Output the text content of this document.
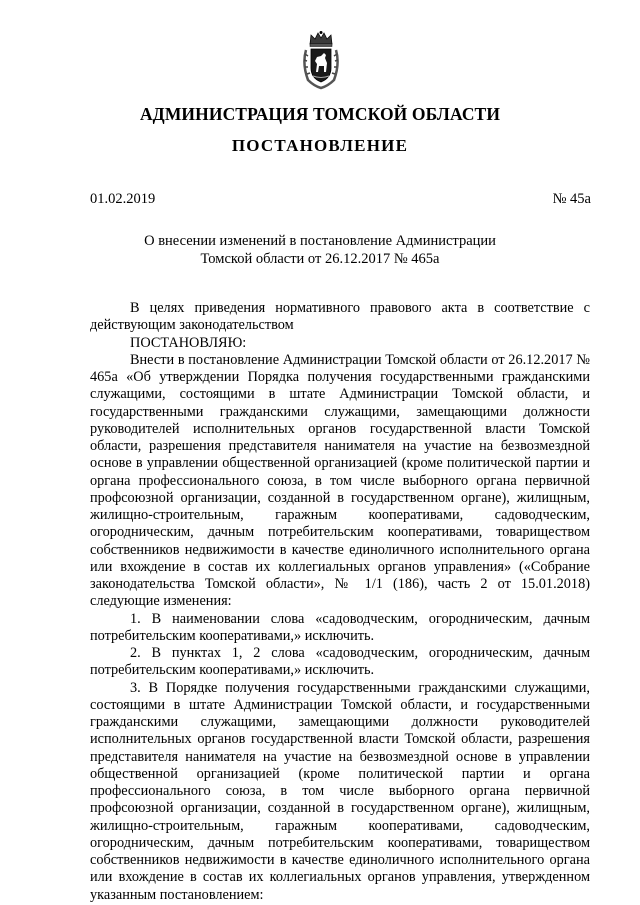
АДМИНИСТРАЦИЯ ТОМСКОЙ ОБЛАСТИ
ПОСТАНОВЛЕНИЕ
01.02.2019	№ 45а
О внесении изменений в постановление Администрации
Томской области от 26.12.2017 № 465а

В целях приведения нормативного правового акта в соответствие с действующим законодательством

ПОСТАНОВЛЯЮ:

Внести в постановление Администрации Томской области от 26.12.2017 № 465а «Об утверждении Порядка получения государственными гражданскими служащими, состоящими в штате Администрации Томской области, и государственными гражданскими служащими, замещающими должности руководителей исполнительных органов государственной власти Томской области, разрешения представителя нанимателя на участие на безвозмездной основе в управлении общественной организацией (кроме политической партии и органа профессионального союза, в том числе выборного органа первичной профсоюзной организации, созданной в государственном органе), жилищным, жилищно-строительным, гаражным кооперативами, садоводческим, огородническим, дачным потребительским кооперативами, товариществом собственников недвижимости в качестве единоличного исполнительного органа или вхождение в состав их коллегиальных органов управления» («Собрание законодательства Томской области», № 1/1 (186), часть 2 от 15.01.2018) следующие изменения:

1. В наименовании слова «садоводческим, огородническим, дачным потребительским кооперативами,» исключить.

2. В пунктах 1, 2 слова «садоводческим, огородническим, дачным потребительским кооперативами,» исключить.

3. В Порядке получения государственными гражданскими служащими, состоящими в штате Администрации Томской области, и государственными гражданскими служащими, замещающими должности руководителей исполнительных органов государственной власти Томской области, разрешения представителя нанимателя на участие на безвозмездной основе в управлении общественной организацией (кроме политической партии и органа профессионального союза, в том числе выборного органа первичной профсоюзной организации, созданной в государственном органе), жилищным, жилищно-строительным, гаражным кооперативами, садоводческим, огородническим, дачным потребительским кооперативами, товариществом собственников недвижимости в качестве единоличного исполнительного органа или вхождение в состав их коллегиальных органов управления, утвержденном указанным постановлением:
